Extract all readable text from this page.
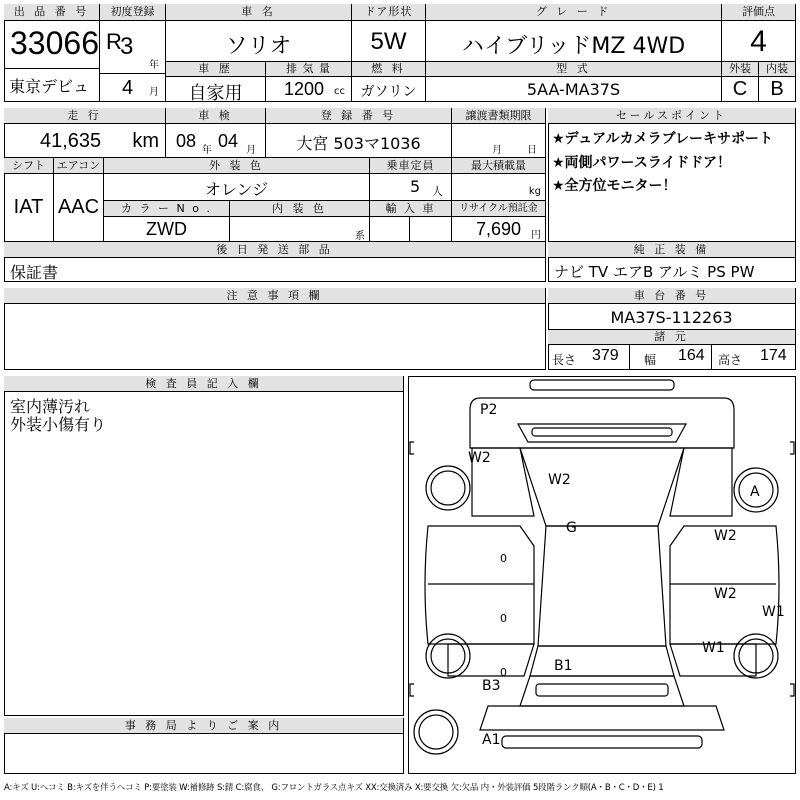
出 品 番 号
33066
東京デビュ
初度登録
R
3
年
4 月
車 名
ソリオ
ドア形状
5W
グ レ ー ド
ハイブリッドMZ 4WD
評価点
4
車 歴
自家用
排 気 量
1200 cc
燃 料
ガソリン
型 式
5AA-MA37S
外装	内装
C	B
走 行
41,635 km
車 検
08 年 04 月
登 録 番 号
大宮 503マ1036
譲渡書類期限
月	日
シフト
IAT
エアコン
AAC
外 装 色
オレンジ
乗車定員
5 人
最大積載量
kg
カ ラ ー N o .
ZWD
内 装 色
系
輸 入 車	リサイクル預託金
7,690 円
セールスポイント
★デュアルカメラブレーキサポート
★両側パワースライドドア！
★全方位モニター！
後 日 発 送 部 品
保証書
純 正 装 備
ナビ TV エアB アルミ PS PW
注 意 事 項 欄	車 台 番 号
MA37S-112263
諸 元
長さ 379 幅 164 高さ 174
検 査 員 記 入 欄
室内薄汚れ
外装小傷有り
事 務 局 よ り ご 案 内
P2
W2
W2
G
A
W2
W2
W1
W1
B1
B3
A1
0
0
0
A:キズ U:ヘコミ B:キズを伴うヘコミ P:要塗装 W:補修跡 S:錆 C:腐食、 G:フロントガラス点キズ XX:交換済み X:要交換 欠:欠品 内・外装評価 5段階ランク順(A・B・C・D・E) 1
